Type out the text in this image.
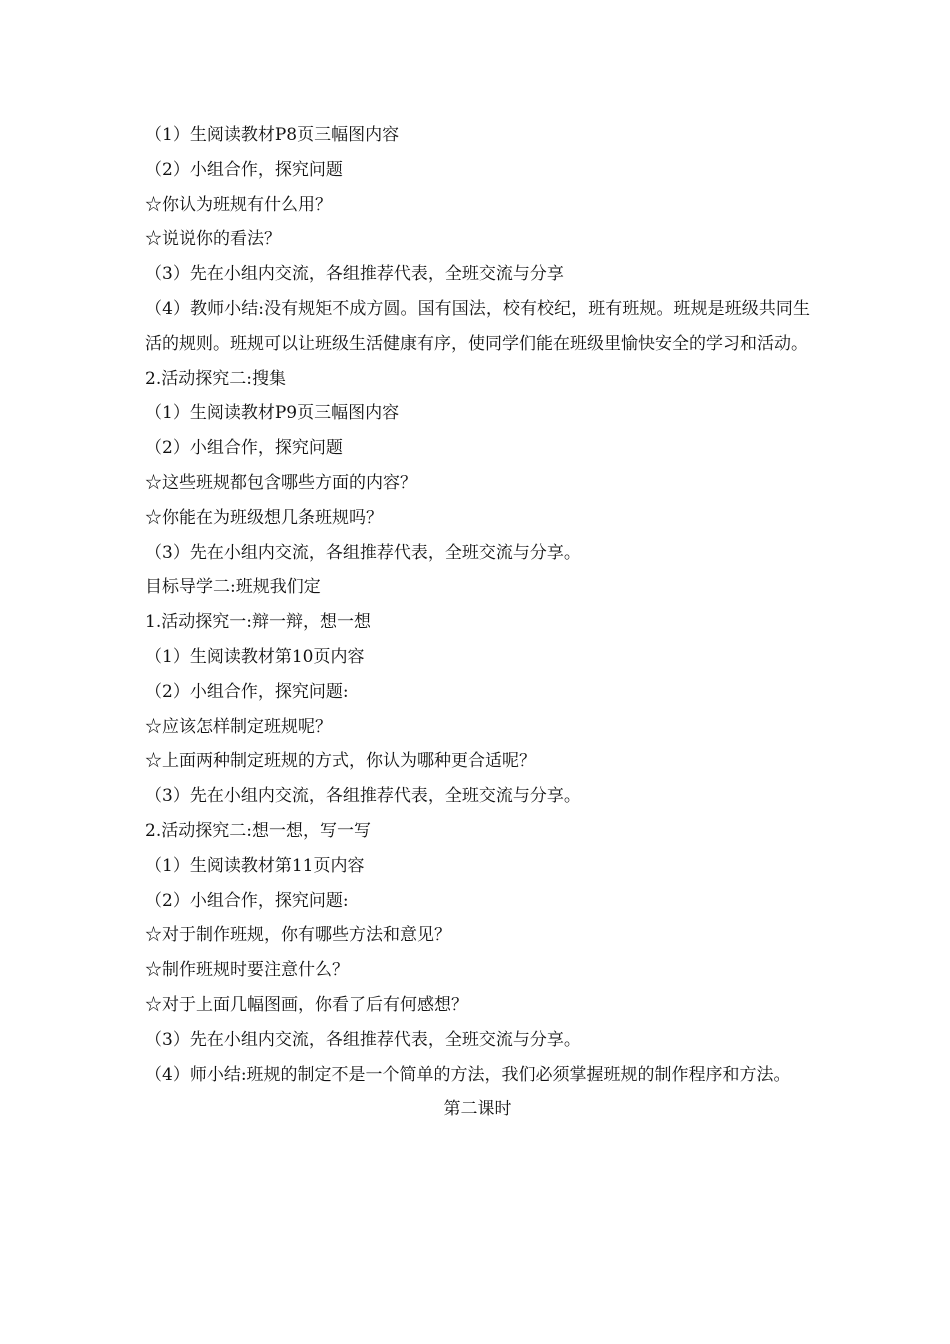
（1）生阅读教材P8页三幅图内容

（2）小组合作，探究问题

☆你认为班规有什么用？

☆说说你的看法？

（3）先在小组内交流，各组推荐代表，全班交流与分享

（4）教师小结:没有规矩不成方圆。国有国法，校有校纪，班有班规。班规是班级共同生活的规则。班规可以让班级生活健康有序，使同学们能在班级里愉快安全的学习和活动。

2.活动探究二:搜集

（1）生阅读教材P9页三幅图内容

（2）小组合作，探究问题

☆这些班规都包含哪些方面的内容？

☆你能在为班级想几条班规吗？

（3）先在小组内交流，各组推荐代表，全班交流与分享。

目标导学二:班规我们定

1.活动探究一:辩一辩，想一想

（1）生阅读教材第10页内容

（2）小组合作，探究问题:

☆应该怎样制定班规呢？

☆上面两种制定班规的方式，你认为哪种更合适呢？

（3）先在小组内交流，各组推荐代表，全班交流与分享。

2.活动探究二:想一想，写一写

（1）生阅读教材第11页内容

（2）小组合作，探究问题:

☆对于制作班规，你有哪些方法和意见？

☆制作班规时要注意什么？

☆对于上面几幅图画，你看了后有何感想？

（3）先在小组内交流，各组推荐代表，全班交流与分享。

（4）师小结:班规的制定不是一个简单的方法，我们必须掌握班规的制作程序和方法。

第二课时
